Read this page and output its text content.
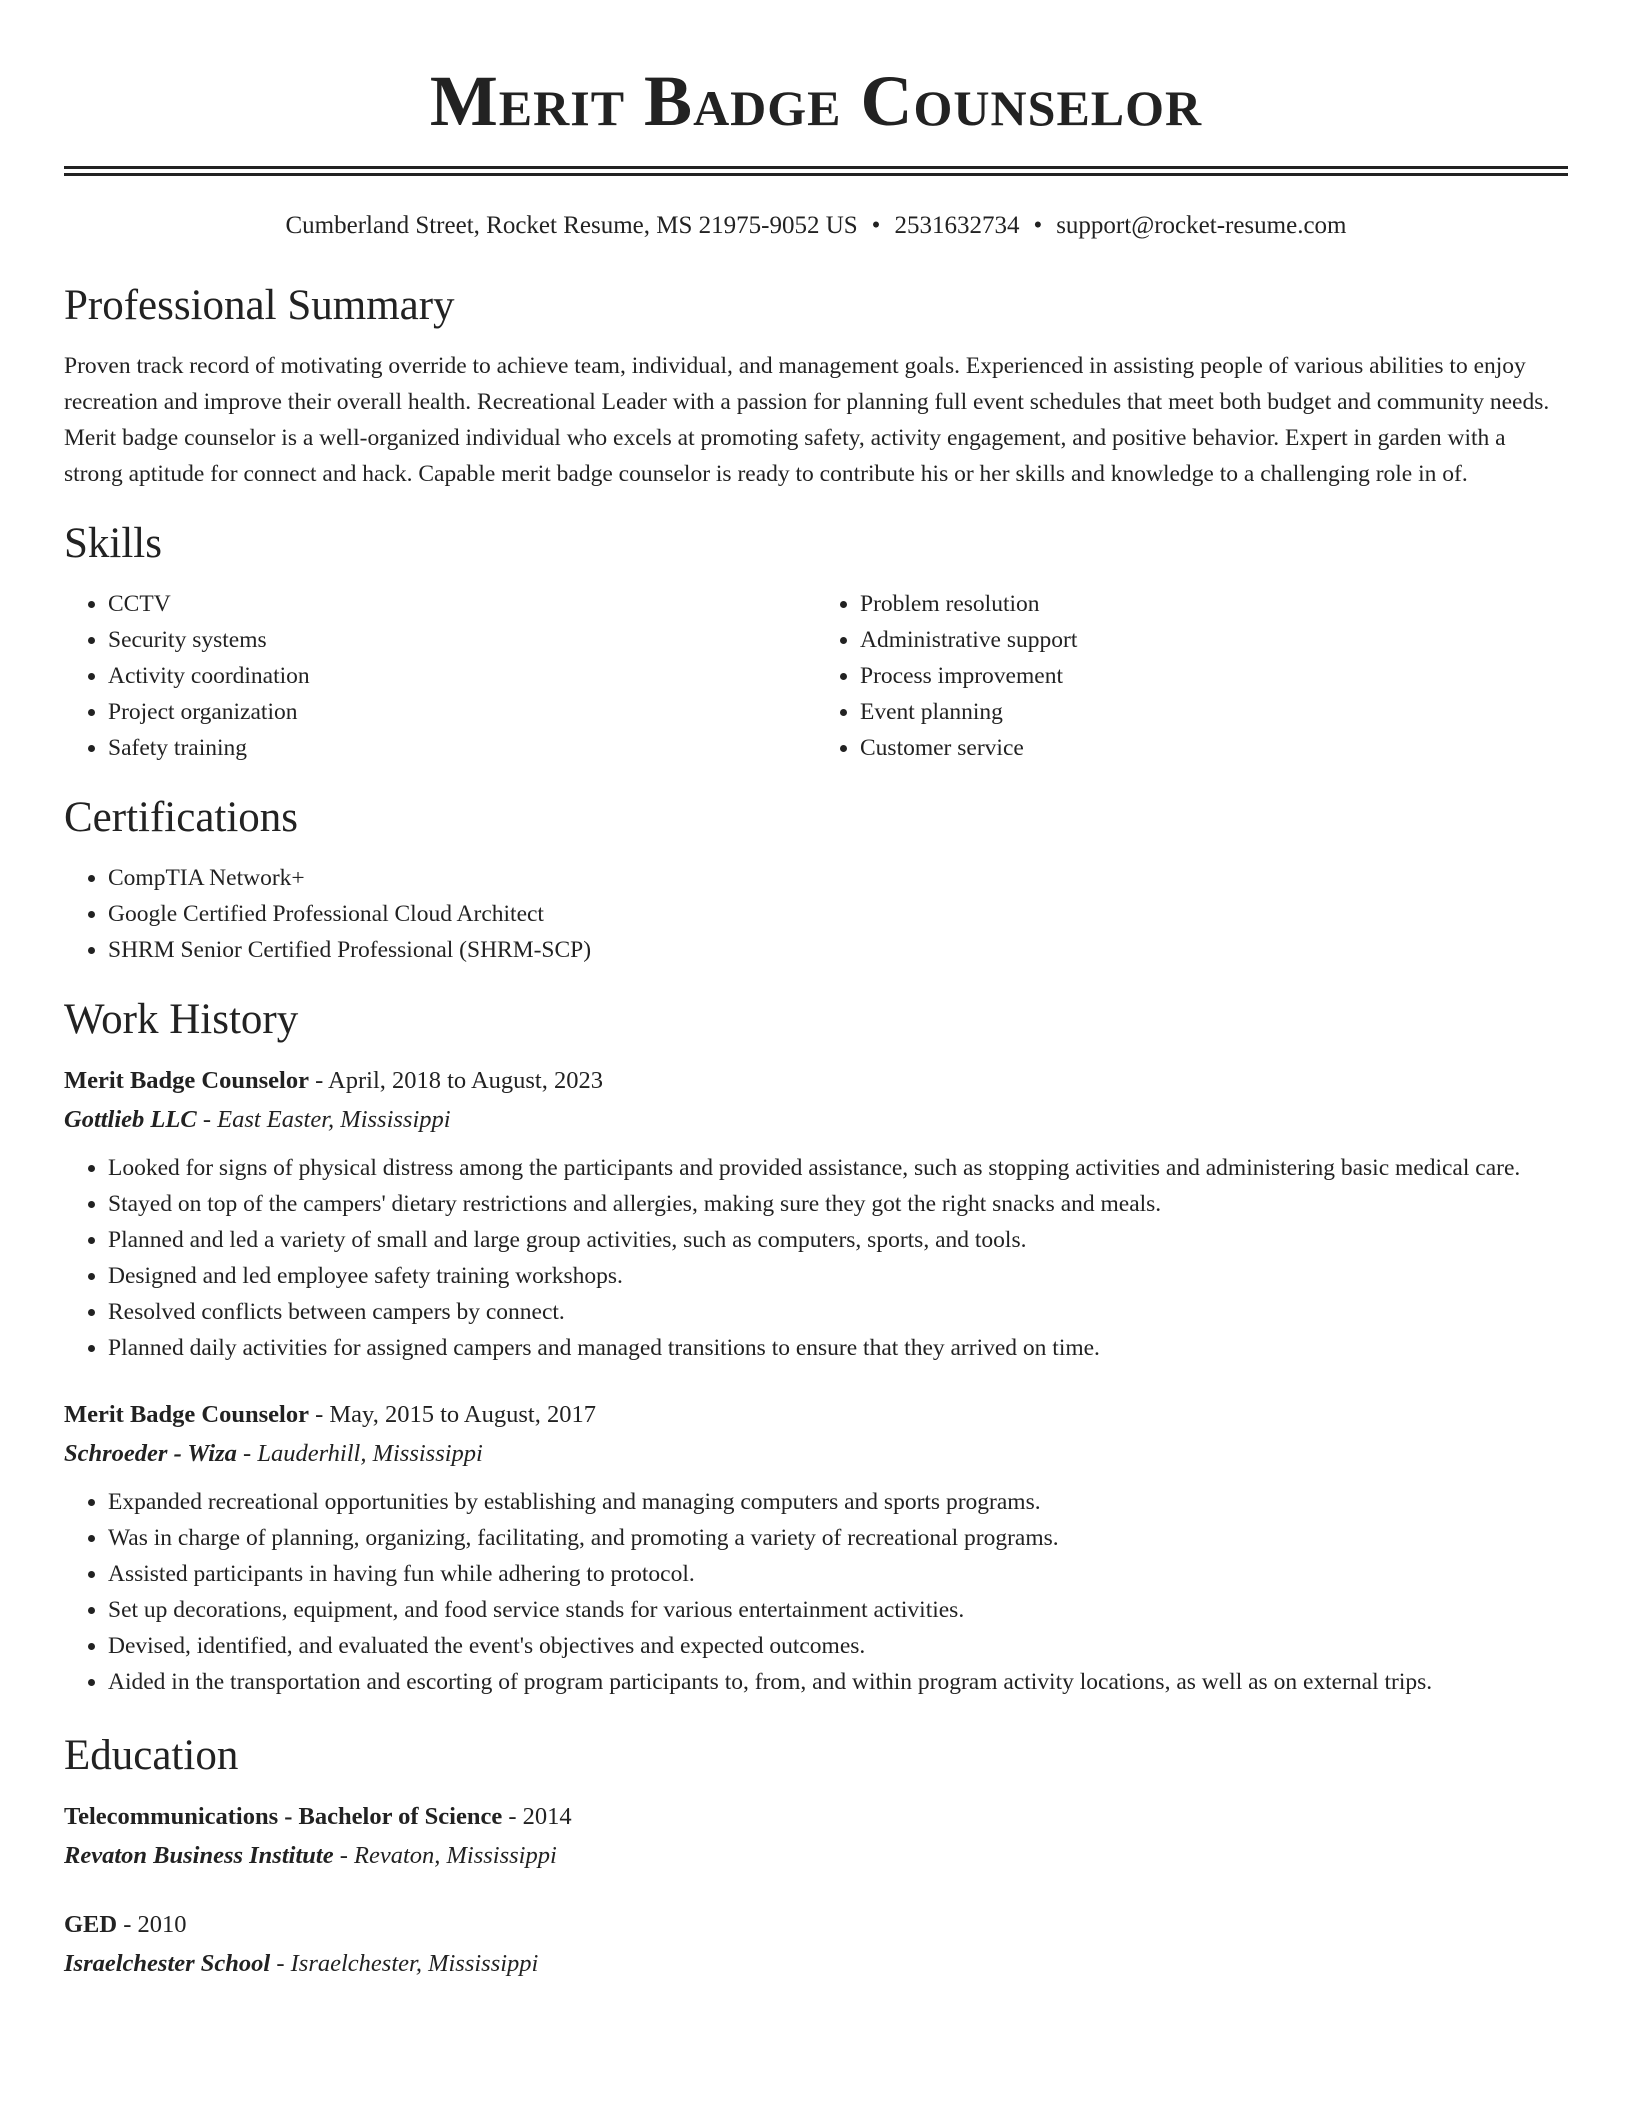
Merit Badge Counselor
Cumberland Street, Rocket Resume, MS 21975-9052 US • 2531632734 • support@rocket-resume.com
Professional Summary

Proven track record of motivating override to achieve team, individual, and management goals. Experienced in assisting people of various abilities to enjoy recreation and improve their overall health. Recreational Leader with a passion for planning full event schedules that meet both budget and community needs. Merit badge counselor is a well-organized individual who excels at promoting safety, activity engagement, and positive behavior. Expert in garden with a strong aptitude for connect and hack. Capable merit badge counselor is ready to contribute his or her skills and knowledge to a challenging role in of.

Skills
• CCTV
• Security systems
• Activity coordination
• Project organization
• Safety training
• Problem resolution
• Administrative support
• Process improvement
• Event planning
• Customer service
Certifications
• CompTIA Network+
• Google Certified Professional Cloud Architect
• SHRM Senior Certified Professional (SHRM-SCP)
Work History
Merit Badge Counselor - April, 2018 to August, 2023
Gottlieb LLC - East Easter, Mississippi
• Looked for signs of physical distress among the participants and provided assistance, such as stopping activities and administering basic medical care.
• Stayed on top of the campers' dietary restrictions and allergies, making sure they got the right snacks and meals.
• Planned and led a variety of small and large group activities, such as computers, sports, and tools.
• Designed and led employee safety training workshops.
• Resolved conflicts between campers by connect.
• Planned daily activities for assigned campers and managed transitions to ensure that they arrived on time.
Merit Badge Counselor - May, 2015 to August, 2017
Schroeder - Wiza - Lauderhill, Mississippi
• Expanded recreational opportunities by establishing and managing computers and sports programs.
• Was in charge of planning, organizing, facilitating, and promoting a variety of recreational programs.
• Assisted participants in having fun while adhering to protocol.
• Set up decorations, equipment, and food service stands for various entertainment activities.
• Devised, identified, and evaluated the event's objectives and expected outcomes.
• Aided in the transportation and escorting of program participants to, from, and within program activity locations, as well as on external trips.
Education
Telecommunications - Bachelor of Science - 2014
Revaton Business Institute - Revaton, Mississippi
GED - 2010
Israelchester School - Israelchester, Mississippi
